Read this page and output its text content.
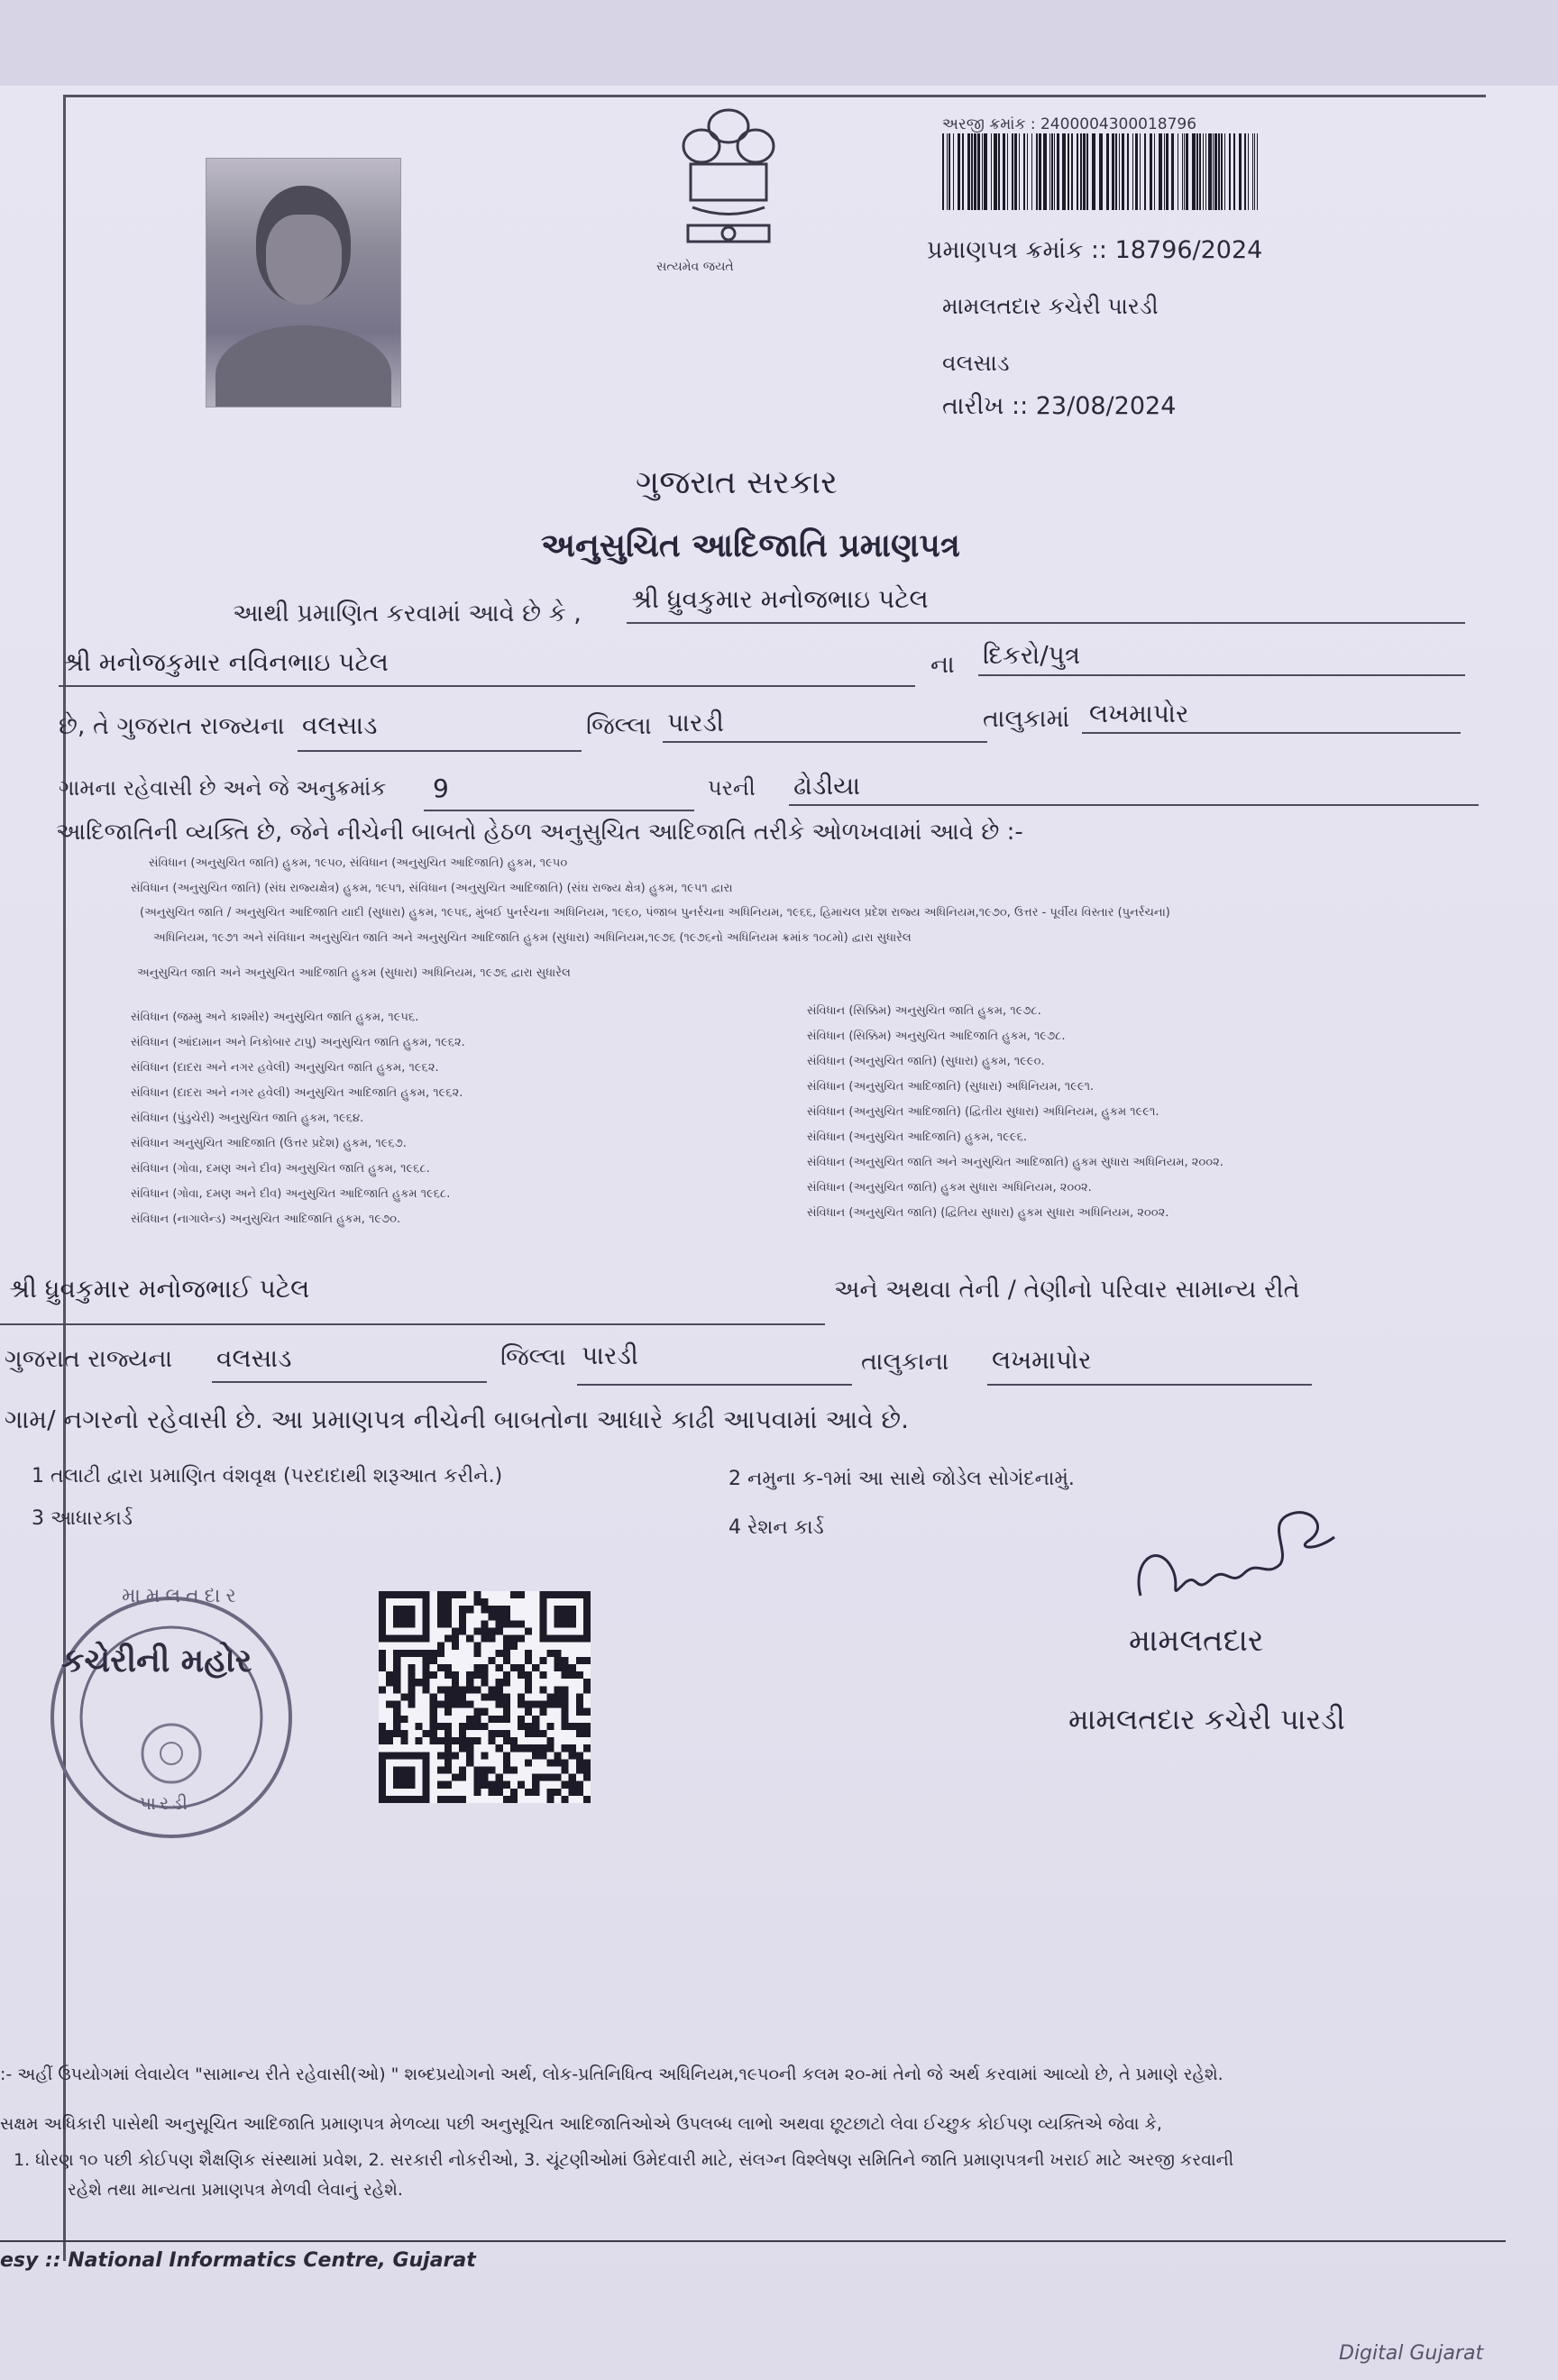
સત્યમેવ જયતે
અરજી ક્રમાંક : 2400004300018796
પ્રમાણપત્ર ક્રમાંક :: 18796/2024
મામલતદાર કચેરી પારડી
વલસાડ
તારીખ :: 23/08/2024
ગુજરાત સરકાર
અનુસુચિત આદિજાતિ પ્રમાણપત્ર
આથી પ્રમાણિત કરવામાં આવે છે કે , શ્રી ધ્રુવકુમાર મનોજભાઇ પટેલ
શ્રી મનોજકુમાર નવિનભાઇ પટેલ	ના દિકરો/પુત્ર
છે, તે ગુજરાત રાજ્યના વલસાડ	જિલ્લા પારડી	તાલુકામાં લખમાપોર
ગામના રહેવાસી છે અને જે અનુક્રમાંક 9	પરની ઢોડીયા
આદિજાતિની વ્યક્તિ છે, જેને નીચેની બાબતો હેઠળ અનુસુચિત આદિજાતિ તરીકે ઓળખવામાં આવે છે :-
સંવિધાન (અનુસુચિત જાતિ) હુકમ, ૧૯૫૦, સંવિધાન (અનુસુચિત આદિજાતિ) હુકમ, ૧૯૫૦
સંવિધાન (અનુસુચિત જાતિ) (સંઘ રાજ્યક્ષેત્ર) હુકમ, ૧૯૫૧, સંવિધાન (અનુસુચિત આદિજાતિ) (સંઘ રાજ્ય ક્ષેત્ર) હુકમ, ૧૯૫૧ દ્વારા
(અનુસુચિત જાતિ / અનુસુચિત આદિજાતિ યાદી (સુધારા) હુકમ, ૧૯૫૬, મુંબઈ પુનર્રચના અધિનિયમ, ૧૯૬૦, પંજાબ પુનર્રચના અધિનિયમ, ૧૯૬૬, હિમાચલ પ્રદેશ રાજ્ય અધિનિયમ,૧૯૭૦, ઉત્તર - પૂર્વીય વિસ્તાર (પુનર્રચના)
અધિનિયમ, ૧૯૭૧ અને સંવિધાન અનુસુચિત જાતિ અને અનુસુચિત આદિજાતિ હુકમ (સુધારા) અધિનિયમ,૧૯૭૬ (૧૯૭૬નો અધિનિયમ ક્રમાંક ૧૦૮મો) દ્વારા સુધારેલ
અનુસુચિત જાતિ અને અનુસુચિત આદિજાતિ હુકમ (સુધારા) અધિનિયમ, ૧૯૭૬ દ્વારા સુધારેલ
સંવિધાન (જમ્મુ અને કાશ્મીર) અનુસુચિત જાતિ હુકમ, ૧૯૫૬.
સંવિધાન (આંદામાન અને નિકોબાર ટાપુ) અનુસુચિત જાતિ હુકમ, ૧૯૬૨.
સંવિધાન (દાદરા અને નગર હવેલી) અનુસુચિત જાતિ હુકમ, ૧૯૬૨.
સંવિધાન (દાદરા અને નગર હવેલી) અનુસુચિત આદિજાતિ હુકમ, ૧૯૬૨.
સંવિધાન (પુંડુચેરી) અનુસુચિત જાતિ હુકમ, ૧૯૬૪.
સંવિધાન અનુસુચિત આદિજાતિ (ઉત્તર પ્રદેશ) હુકમ, ૧૯૬૭.
સંવિધાન (ગોવા, દમણ અને દીવ) અનુસુચિત જાતિ હુકમ, ૧૯૬૮.
સંવિધાન (ગોવા, દમણ અને દીવ) અનુસુચિત આદિજાતિ હુકમ ૧૯૬૮.
સંવિધાન (નાગાલેન્ડ) અનુસુચિત આદિજાતિ હુકમ, ૧૯૭૦.
સંવિધાન (સિક્કિમ) અનુસુચિત જાતિ હુકમ, ૧૯૭૮.
સંવિધાન (સિક્કિમ) અનુસુચિત આદિજાતિ હુકમ, ૧૯૭૮.
સંવિધાન (અનુસુચિત જાતિ) (સુધારા) હુકમ, ૧૯૯૦.
સંવિધાન (અનુસુચિત આદિજાતિ) (સુધારા) અધિનિયમ, ૧૯૯૧.
સંવિધાન (અનુસુચિત આદિજાતિ) (દ્વિતીય સુધારા) અધિનિયમ, હુકમ ૧૯૯૧.
સંવિધાન (અનુસુચિત આદિજાતિ) હુકમ, ૧૯૯૬.
સંવિધાન (અનુસુચિત જાતિ અને અનુસુચિત આદિજાતિ) હુકમ સુધારા અધિનિયમ, ૨૦૦૨.
સંવિધાન (અનુસુચિત જાતિ) હુકમ સુધારા અધિનિયમ, ૨૦૦૨.
સંવિધાન (અનુસુચિત જાતિ) (દ્વિતિય સુધારા) હુકમ સુધારા અધિનિયમ, ૨૦૦૨.
શ્રી ધ્રુવકુમાર મનોજભાઈ પટેલ	અને અથવા તેની / તેણીનો પરિવાર સામાન્ય રીતે
ગુજરાત રાજ્યના વલસાડ	જિલ્લા પારડી	તાલુકાના લખમાપોર
ગામ/ નગરનો રહેવાસી છે. આ પ્રમાણપત્ર નીચેની બાબતોના આધારે કાઢી આપવામાં આવે છે.
1 તલાટી દ્વારા પ્રમાણિત વંશવૃક્ષ (પરદાદાથી શરૂઆત કરીને.)	2 નમુના ક-૧માં આ સાથે જોડેલ સોગંદનામું.
3 આધારકાર્ડ	4 રેશન કાર્ડ
મામલતદાર
પારડી
કચેરીની મહોર
મામલતદાર
મામલતદાર કચેરી પારડી
:- અહીં ઉપયોગમાં લેવાયેલ "સામાન્ય રીતે રહેવાસી(ઓ) " શબ્દપ્રયોગનો અર્થ, લોક-પ્રતિનિધિત્વ અધિનિયમ,૧૯૫૦ની કલમ ૨૦-માં તેનો જે અર્થ કરવામાં આવ્યો છે, તે પ્રમાણે રહેશે.
સક્ષમ અધિકારી પાસેથી અનુસૂચિત આદિજાતિ પ્રમાણપત્ર મેળવ્યા પછી અનુસૂચિત આદિજાતિઓએ ઉપલબ્ધ લાભો અથવા છૂટછાટો લેવા ઈચ્છુક કોઈપણ વ્યક્તિએ જેવા કે,
1. ધોરણ ૧૦ પછી કોઈપણ શૈક્ષણિક સંસ્થામાં પ્રવેશ, 2. સરકારી નોકરીઓ, 3. ચૂંટણીઓમાં ઉમેદવારી માટે, સંલગ્ન વિશ્લેષણ સમિતિને જાતિ પ્રમાણપત્રની ખરાઈ માટે અરજી કરવાની
રહેશે તથા માન્યતા પ્રમાણપત્ર મેળવી લેવાનું રહેશે.
esy :: National Informatics Centre, Gujarat
Digital Gujarat
